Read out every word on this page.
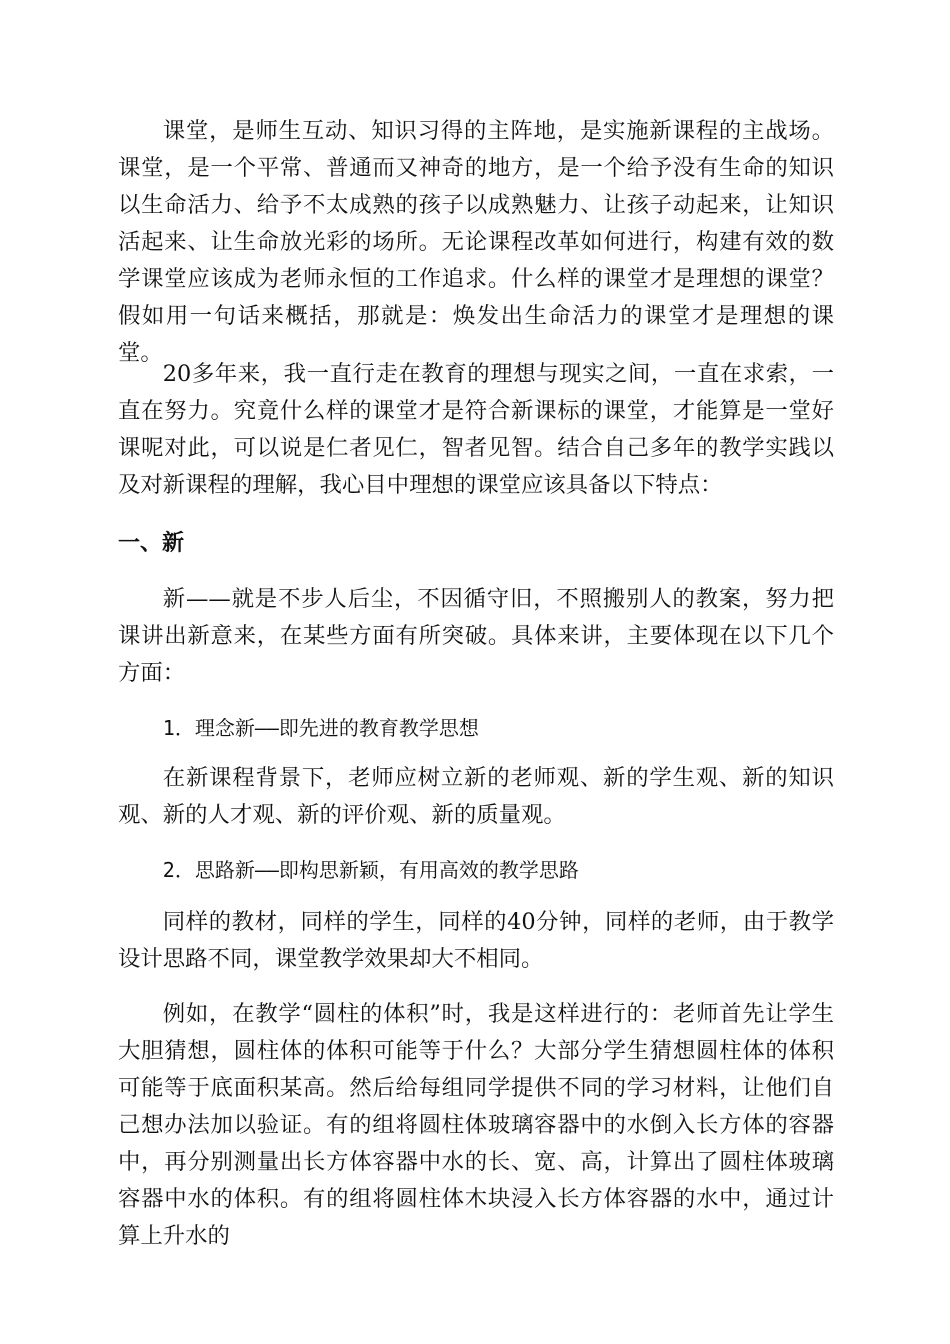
课堂，是师生互动、知识习得的主阵地，是实施新课程的主战场。课堂，是一个平常、普通而又神奇的地方，是一个给予没有生命的知识以生命活力、给予不太成熟的孩子以成熟魅力、让孩子动起来，让知识活起来、让生命放光彩的场所。无论课程改革如何进行，构建有效的数学课堂应该成为老师永恒的工作追求。什么样的课堂才是理想的课堂？假如用一句话来概括，那就是：焕发出生命活力的课堂才是理想的课堂。

20多年来，我一直行走在教育的理想与现实之间，一直在求索，一直在努力。究竟什么样的课堂才是符合新课标的课堂，才能算是一堂好课呢对此，可以说是仁者见仁，智者见智。结合自己多年的教学实践以及对新课程的理解，我心目中理想的课堂应该具备以下特点：

一、新

新——就是不步人后尘，不因循守旧，不照搬别人的教案，努力把课讲出新意来，在某些方面有所突破。具体来讲，主要体现在以下几个方面：

1．理念新——即先进的教育教学思想

在新课程背景下，老师应树立新的老师观、新的学生观、新的知识观、新的人才观、新的评价观、新的质量观。

2．思路新——即构思新颖，有用高效的教学思路

同样的教材，同样的学生，同样的40分钟，同样的老师，由于教学设计思路不同，课堂教学效果却大不相同。

例如，在教学“圆柱的体积”时，我是这样进行的：老师首先让学生大胆猜想，圆柱体的体积可能等于什么？大部分学生猜想圆柱体的体积可能等于底面积某高。然后给每组同学提供不同的学习材料，让他们自己想办法加以验证。有的组将圆柱体玻璃容器中的水倒入长方体的容器中，再分别测量出长方体容器中水的长、宽、高，计算出了圆柱体玻璃容器中水的体积。有的组将圆柱体木块浸入长方体容器的水中，通过计算上升水的
